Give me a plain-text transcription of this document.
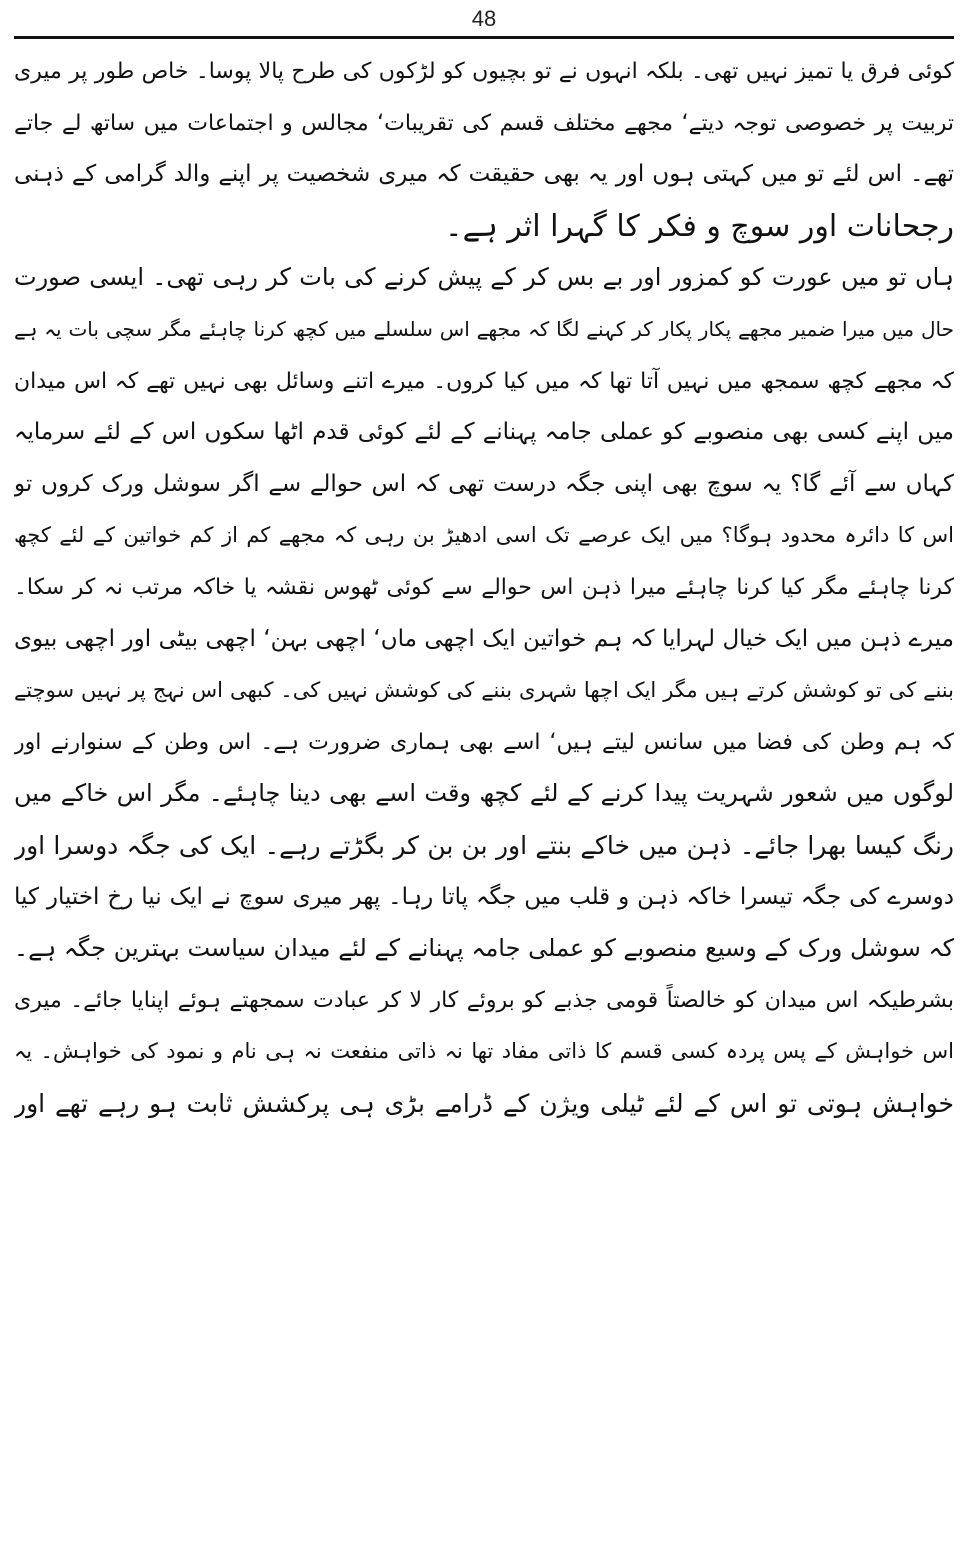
48
کوئی فرق یا تمیز نہیں تھی۔ بلکہ انہوں نے تو بچیوں کو لڑکوں کی طرح پالا پوسا۔ خاص طور پر میری
تربیت پر خصوصی توجہ دیتے‘ مجھے مختلف قسم کی تقریبات‘ مجالس و اجتماعات میں ساتھ لے جاتے
تھے۔ اس لئے تو میں کہتی ہوں اور یہ بھی حقیقت کہ میری شخصیت پر اپنے والد گرامی کے ذہنی
رجحانات اور سوچ و فکر کا گہرا اثر ہے۔
ہاں تو میں عورت کو کمزور اور بے بس کر کے پیش کرنے کی بات کر رہی تھی۔ ایسی صورت
حال میں میرا ضمیر مجھے پکار پکار کر کہنے لگا کہ مجھے اس سلسلے میں کچھ کرنا چاہئے مگر سچی بات یہ ہے
کہ مجھے کچھ سمجھ میں نہیں آتا تھا کہ میں کیا کروں۔ میرے اتنے وسائل بھی نہیں تھے کہ اس میدان
میں اپنے کسی بھی منصوبے کو عملی جامہ پہنانے کے لئے کوئی قدم اٹھا سکوں اس کے لئے سرمایہ
کہاں سے آئے گا؟ یہ سوچ بھی اپنی جگہ درست تھی کہ اس حوالے سے اگر سوشل ورک کروں تو
اس کا دائرہ محدود ہوگا؟ میں ایک عرصے تک اسی ادھیڑ بن رہی کہ مجھے کم از کم خواتین کے لئے کچھ
کرنا چاہئے مگر کیا کرنا چاہئے میرا ذہن اس حوالے سے کوئی ٹھوس نقشہ یا خاکہ مرتب نہ کر سکا۔
میرے ذہن میں ایک خیال لہرایا کہ ہم خواتین ایک اچھی ماں‘ اچھی بہن‘ اچھی بیٹی اور اچھی بیوی
بننے کی تو کوشش کرتے ہیں مگر ایک اچھا شہری بننے کی کوشش نہیں کی۔ کبھی اس نہج پر نہیں سوچتے
کہ ہم وطن کی فضا میں سانس لیتے ہیں‘ اسے بھی ہماری ضرورت ہے۔ اس وطن کے سنوارنے اور
لوگوں میں شعور شہریت پیدا کرنے کے لئے کچھ وقت اسے بھی دینا چاہئے۔ مگر اس خاکے میں
رنگ کیسا بھرا جائے۔ ذہن میں خاکے بنتے اور بن بن کر بگڑتے رہے۔ ایک کی جگہ دوسرا اور
دوسرے کی جگہ تیسرا خاکہ ذہن و قلب میں جگہ پاتا رہا۔ پھر میری سوچ نے ایک نیا رخ اختیار کیا
کہ سوشل ورک کے وسیع منصوبے کو عملی جامہ پہنانے کے لئے میدان سیاست بہترین جگہ ہے۔
بشرطیکہ اس میدان کو خالصتاً قومی جذبے کو بروئے کار لا کر عبادت سمجھتے ہوئے اپنایا جائے۔ میری
اس خواہش کے پس پردہ کسی قسم کا ذاتی مفاد تھا نہ ذاتی منفعت نہ ہی نام و نمود کی خواہش۔ یہ
خواہش ہوتی تو اس کے لئے ٹیلی ویژن کے ڈرامے بڑی ہی پرکشش ثابت ہو رہے تھے اور
